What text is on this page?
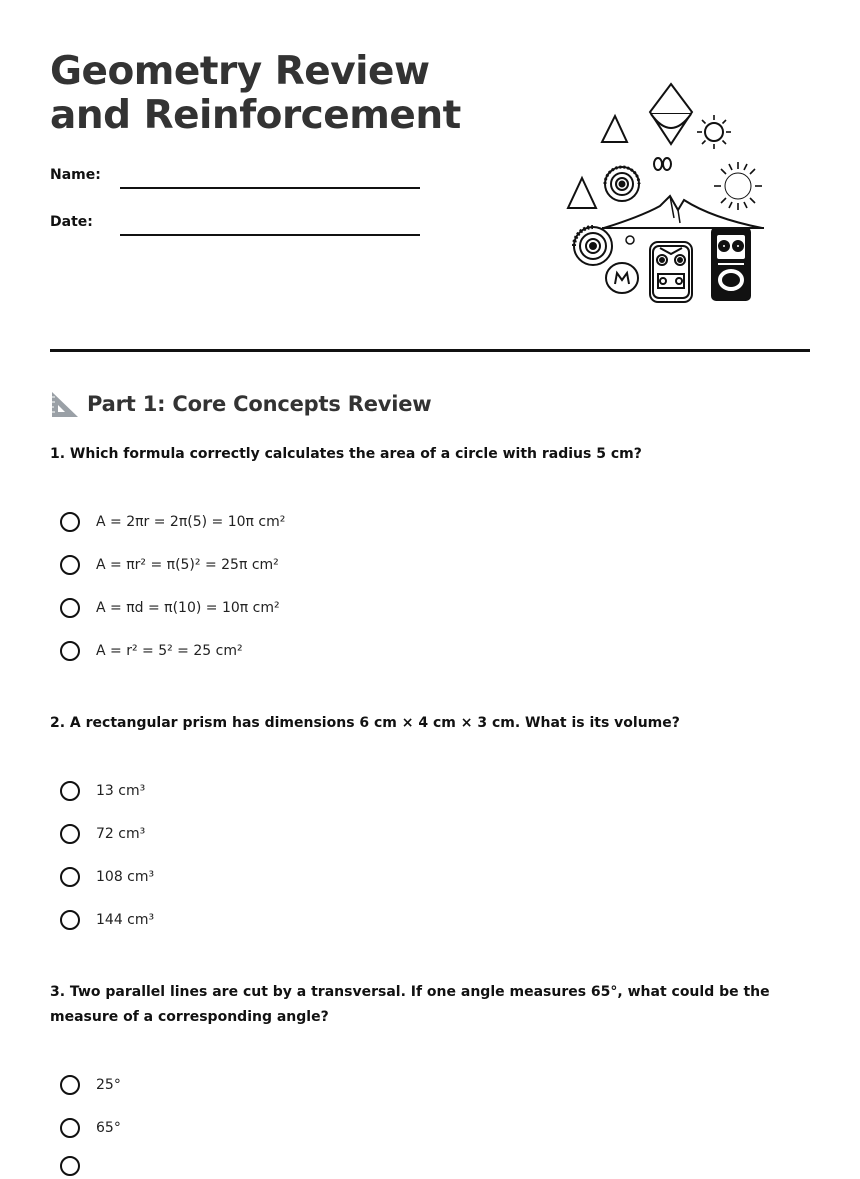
Geometry Review and Reinforcement
Name:
Date:
Part 1: Core Concepts Review

1. Which formula correctly calculates the area of a circle with radius 5 cm?

A = 2πr = 2π(5) = 10π cm²
A = πr² = π(5)² = 25π cm²
A = πd = π(10) = 10π cm²
A = r² = 5² = 25 cm²

2. A rectangular prism has dimensions 6 cm × 4 cm × 3 cm. What is its volume?

13 cm³
72 cm³
108 cm³
144 cm³

3. Two parallel lines are cut by a transversal. If one angle measures 65°, what could be the measure of a corresponding angle?

25°
65°
